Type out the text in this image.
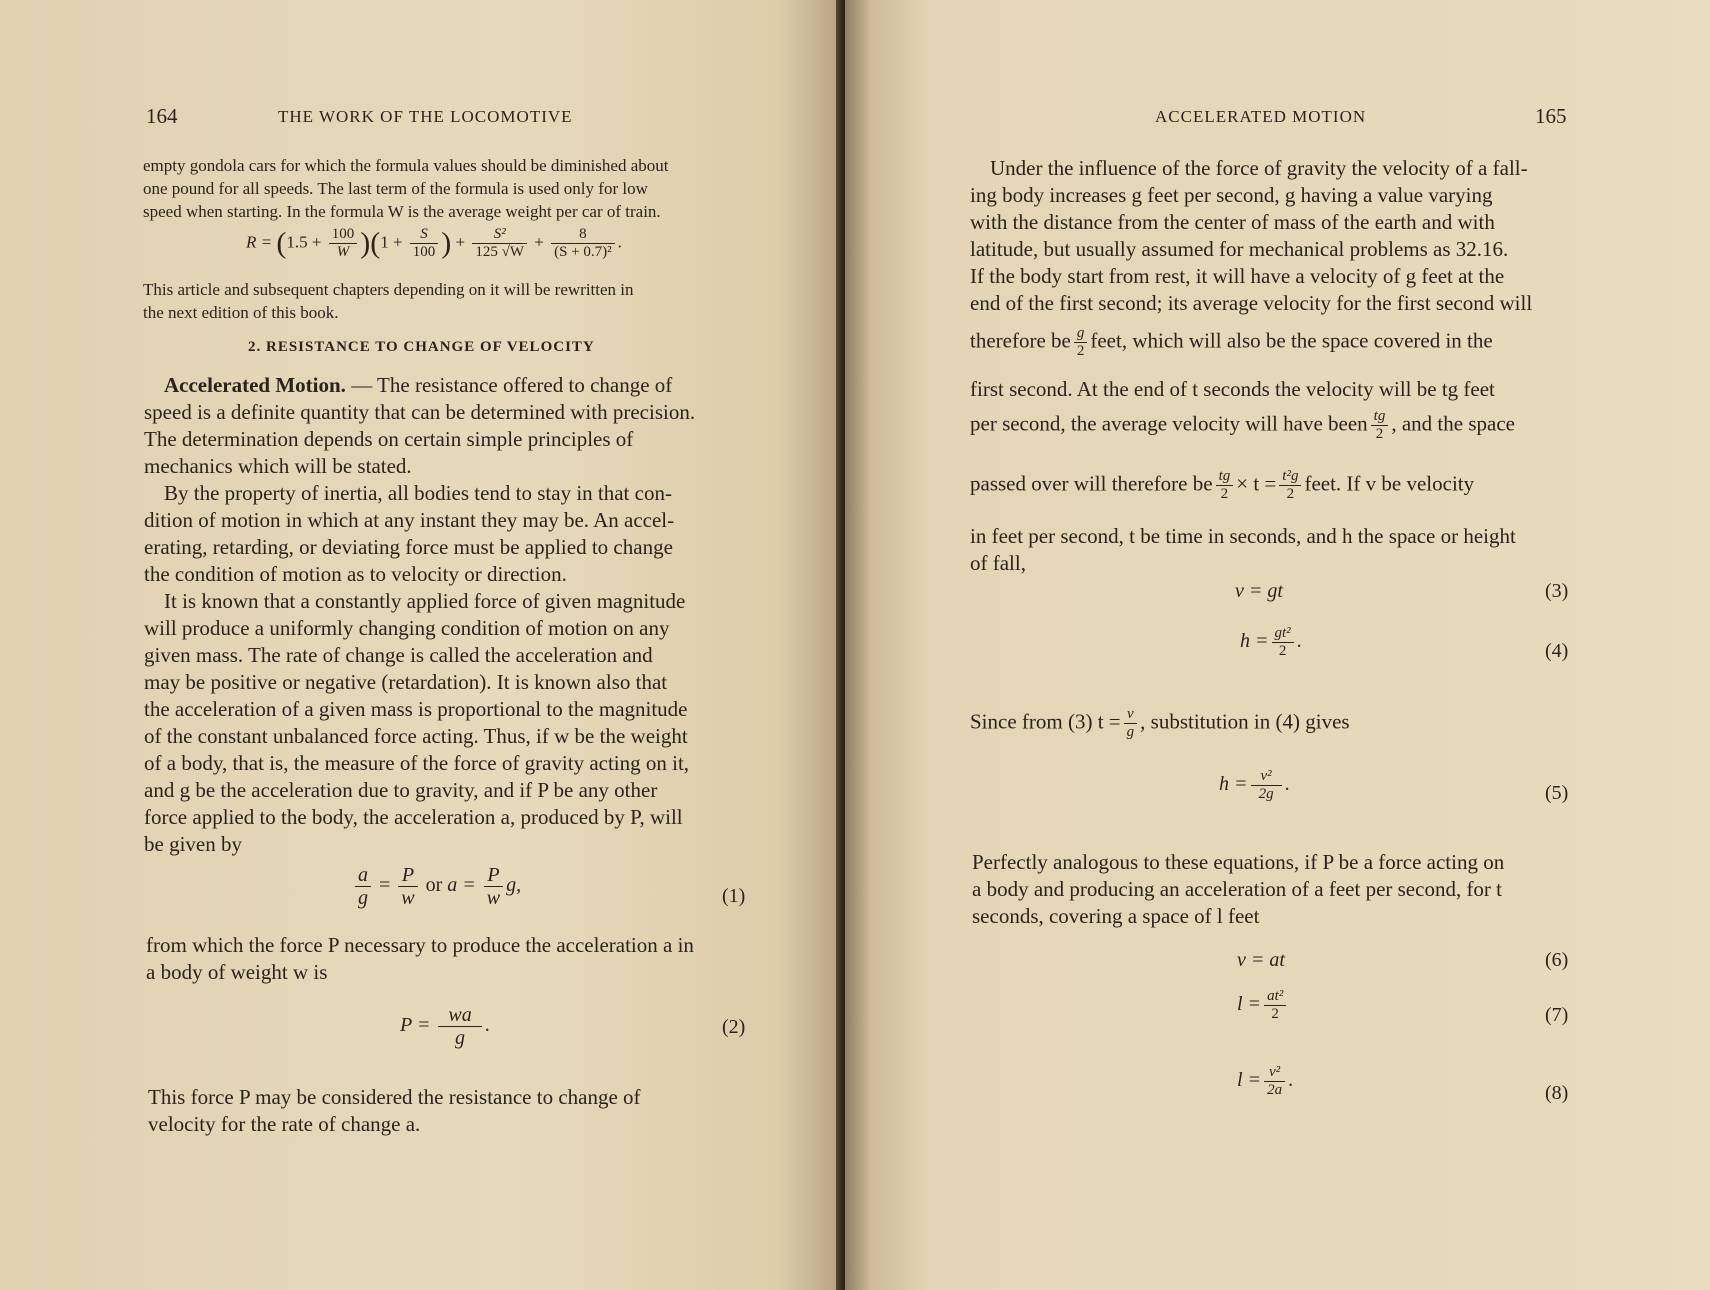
164	THE WORK OF THE LOCOMOTIVE
empty gondola cars for which the formula values should be diminished about
one pound for all speeds. The last term of the formula is used only for low
speed when starting. In the formula W is the average weight per car of train.
$R = (1.5 + \frac{100}{W} )(1 + \frac{S}{100}$ ) + $\frac{\text{S²}}{125 √W} + \frac{8}{\text{(S + 0.7)²}}$ .
This article and subsequent chapters depending on it will be rewritten in
the next edition of this book.
2. RESISTANCE TO CHANGE OF VELOCITY
Accelerated Motion. — The resistance offered to change of
speed is a definite quantity that can be determined with precision.
The determination depends on certain simple principles of
mechanics which will be stated.
By the property of inertia, all bodies tend to stay in that con-
dition of motion in which at any instant they may be. An accel-
erating, retarding, or deviating force must be applied to change
the condition of motion as to velocity or direction.
It is known that a constantly applied force of given magnitude
will produce a uniformly changing condition of motion on any
given mass. The rate of change is called the acceleration and
may be positive or negative (retardation). It is known also that
the acceleration of a given mass is proportional to the magnitude
of the constant unbalanced force acting. Thus, if w be the weight
of a body, that is, the measure of the force of gravity acting on it,
and g be the acceleration due to gravity, and if P be any other
force applied to the body, the acceleration a, produced by P, will
be given by
$\frac{a}{g} = \frac{P}{w}$ or $a = \frac{P}{w} g$,	(1)
from which the force P necessary to produce the acceleration a in
a body of weight w is
$P = \frac{wa}{g}$ .	(2)
This force P may be considered the resistance to change of
velocity for the rate of change a.
ACCELERATED MOTION	165
Under the influence of the force of gravity the velocity of a fall-
ing body increases g feet per second, g having a value varying
with the distance from the center of mass of the earth and with
latitude, but usually assumed for mechanical problems as 32.16.
If the body start from rest, it will have a velocity of g feet at the
end of the first second; its average velocity for the first second will
therefore be $\frac{g}{2}$ feet, which will also be the space covered in the
first second. At the end of t seconds the velocity will be tg feet
per second, the average velocity will have been $\frac{tg}{2}$ , and the space
passed over will therefore be $\frac{tg}{2} \times t = \frac{\text{t²g}}{2}$ feet. If v be velocity
in feet per second, t be time in seconds, and h the space or height
of fall,
v = gt	(3)
$h = \frac{\text{gt²}}{2}$ .	(4)
Since from (3) $t = \frac{v}{g}$ , substitution in (4) gives
$h = \frac{\text{v²}}{2g}$ .	(5)
Perfectly analogous to these equations, if P be a force acting on
a body and producing an acceleration of a feet per second, for t
seconds, covering a space of l feet
v = at	(6)
$l = \frac{\text{at²}}{2}$	(7)
$l = \frac{\text{v²}}{2a}$ .
(8)
